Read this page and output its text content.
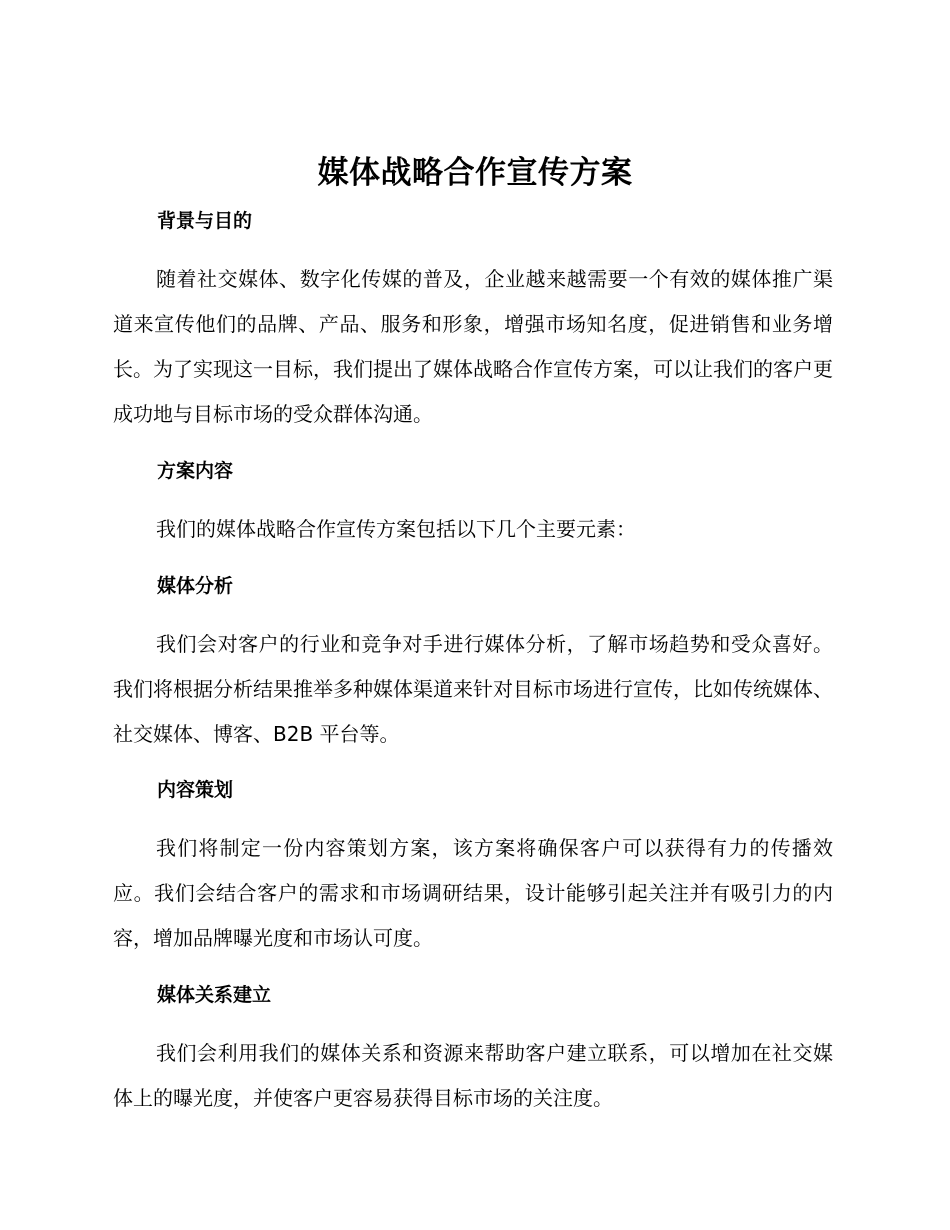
媒体战略合作宣传方案
背景与目的
随着社交媒体、数字化传媒的普及，企业越来越需要一个有效的媒体推广渠道来宣传他们的品牌、产品、服务和形象，增强市场知名度，促进销售和业务增长。为了实现这一目标，我们提出了媒体战略合作宣传方案，可以让我们的客户更成功地与目标市场的受众群体沟通。
方案内容
我们的媒体战略合作宣传方案包括以下几个主要元素：
媒体分析
我们会对客户的行业和竞争对手进行媒体分析，了解市场趋势和受众喜好。我们将根据分析结果推举多种媒体渠道来针对目标市场进行宣传，比如传统媒体、社交媒体、博客、B2B 平台等。
内容策划
我们将制定一份内容策划方案，该方案将确保客户可以获得有力的传播效应。我们会结合客户的需求和市场调研结果，设计能够引起关注并有吸引力的内容，增加品牌曝光度和市场认可度。
媒体关系建立
我们会利用我们的媒体关系和资源来帮助客户建立联系，可以增加在社交媒体上的曝光度，并使客户更容易获得目标市场的关注度。
